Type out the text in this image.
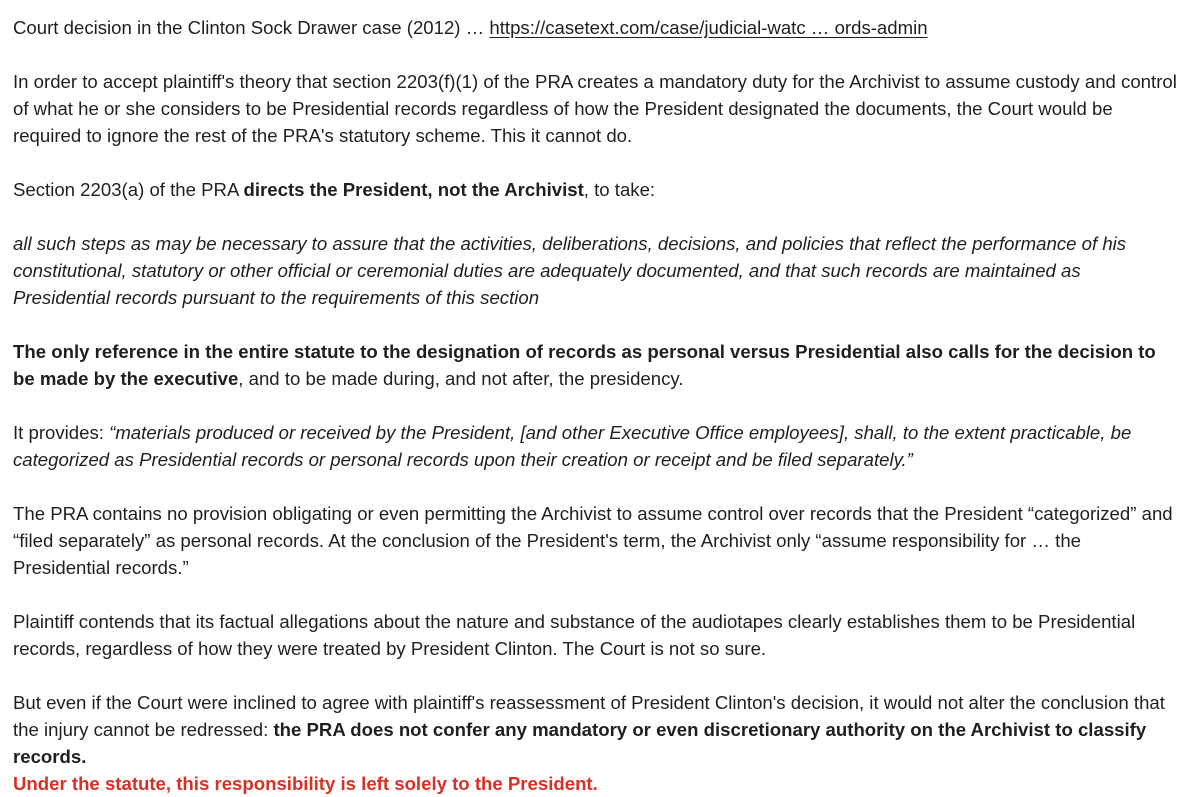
Court decision in the Clinton Sock Drawer case (2012) … https://casetext.com/case/judicial-watc … ords-admin

In order to accept plaintiff's theory that section 2203(f)(1) of the PRA creates a mandatory duty for the Archivist to assume custody and control of what he or she considers to be Presidential records regardless of how the President designated the documents, the Court would be required to ignore the rest of the PRA's statutory scheme. This it cannot do.

Section 2203(a) of the PRA directs the President, not the Archivist, to take:

all such steps as may be necessary to assure that the activities, deliberations, decisions, and policies that reflect the performance of his constitutional, statutory or other official or ceremonial duties are adequately documented, and that such records are maintained as Presidential records pursuant to the requirements of this section

The only reference in the entire statute to the designation of records as personal versus Presidential also calls for the decision to be made by the executive, and to be made during, and not after, the presidency.

It provides: “materials produced or received by the President, [and other Executive Office employees], shall, to the extent practicable, be categorized as Presidential records or personal records upon their creation or receipt and be filed separately.”

The PRA contains no provision obligating or even permitting the Archivist to assume control over records that the President “categorized” and “filed separately” as personal records. At the conclusion of the President's term, the Archivist only “assume responsibility for … the Presidential records.”

Plaintiff contends that its factual allegations about the nature and substance of the audiotapes clearly establishes them to be Presidential records, regardless of how they were treated by President Clinton. The Court is not so sure.

But even if the Court were inclined to agree with plaintiff's reassessment of President Clinton's decision, it would not alter the conclusion that the injury cannot be redressed: the PRA does not confer any mandatory or even discretionary authority on the Archivist to classify records.
Under the statute, this responsibility is left solely to the President.
